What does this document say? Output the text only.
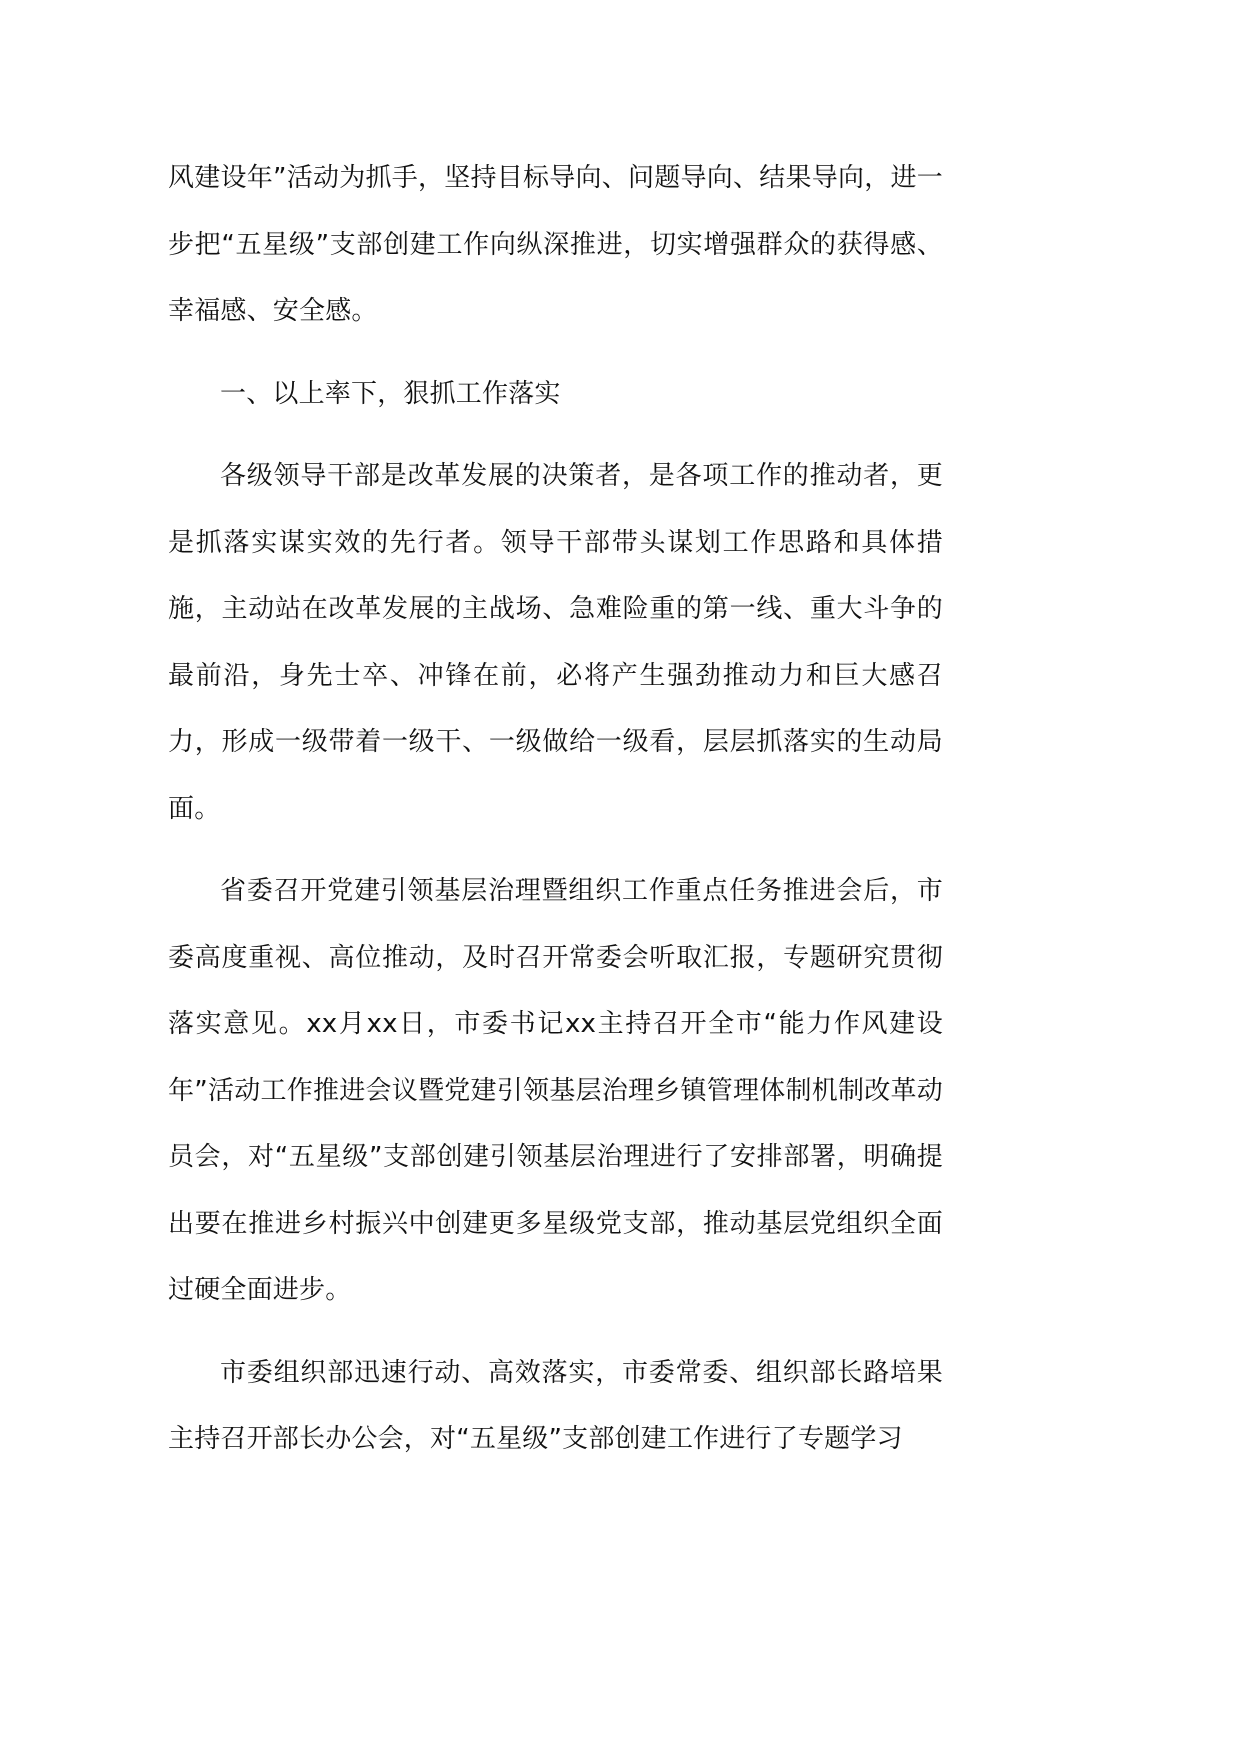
风建设年”活动为抓手，坚持目标导向、问题导向、结果导向，进一步把“五星级”支部创建工作向纵深推进，切实增强群众的获得感、幸福感、安全感。

一、以上率下，狠抓工作落实

各级领导干部是改革发展的决策者，是各项工作的推动者，更是抓落实谋实效的先行者。领导干部带头谋划工作思路和具体措施，主动站在改革发展的主战场、急难险重的第一线、重大斗争的最前沿，身先士卒、冲锋在前，必将产生强劲推动力和巨大感召力，形成一级带着一级干、一级做给一级看，层层抓落实的生动局面。

省委召开党建引领基层治理暨组织工作重点任务推进会后，市委高度重视、高位推动，及时召开常委会听取汇报，专题研究贯彻落实意见。xx月xx日，市委书记xx主持召开全市“能力作风建设年”活动工作推进会议暨党建引领基层治理乡镇管理体制机制改革动员会，对“五星级”支部创建引领基层治理进行了安排部署，明确提出要在推进乡村振兴中创建更多星级党支部，推动基层党组织全面过硬全面进步。

市委组织部迅速行动、高效落实，市委常委、组织部长路培果主持召开部长办公会，对“五星级”支部创建工作进行了专题学习
